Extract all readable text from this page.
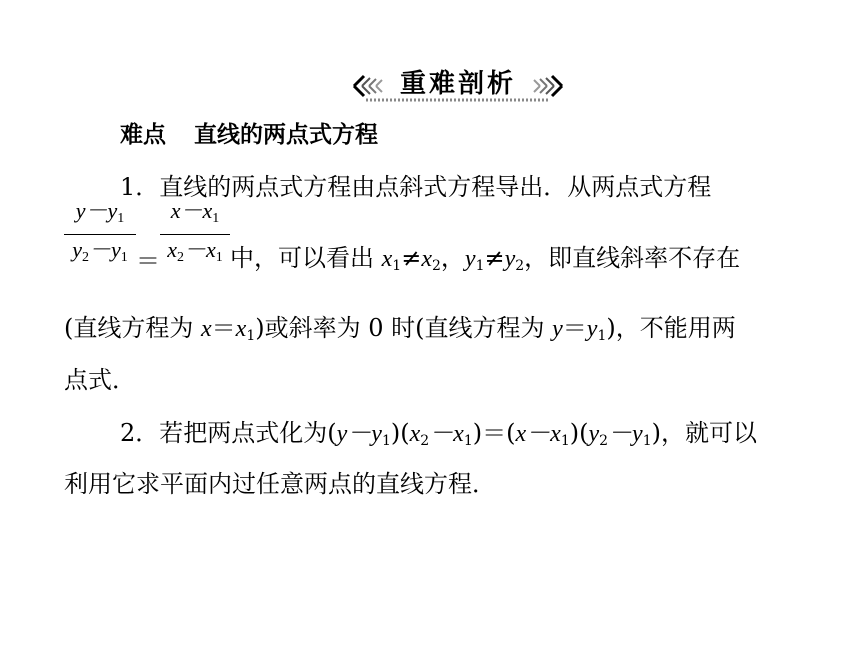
重难剖析
难点 直线的两点式方程
1．直线的两点式方程由点斜式方程导出．从两点式方程
$y-y_1$
$y_2-y_1$ ＝
$x-x_1$
$x_2-x_1$ 中，可以看出 $x_1\ne x_2$，$y_1\ne y_2$，即直线斜率不存在
(直线方程为 $x=x_1$)或斜率为 0 时(直线方程为 $y=y_1$)，不能用两
点式．
2．若把两点式化为$(y-y_1)(x_2-x_1)=(x-x_1)(y_2-y_1)$，就可以
利用它求平面内过任意两点的直线方程．
